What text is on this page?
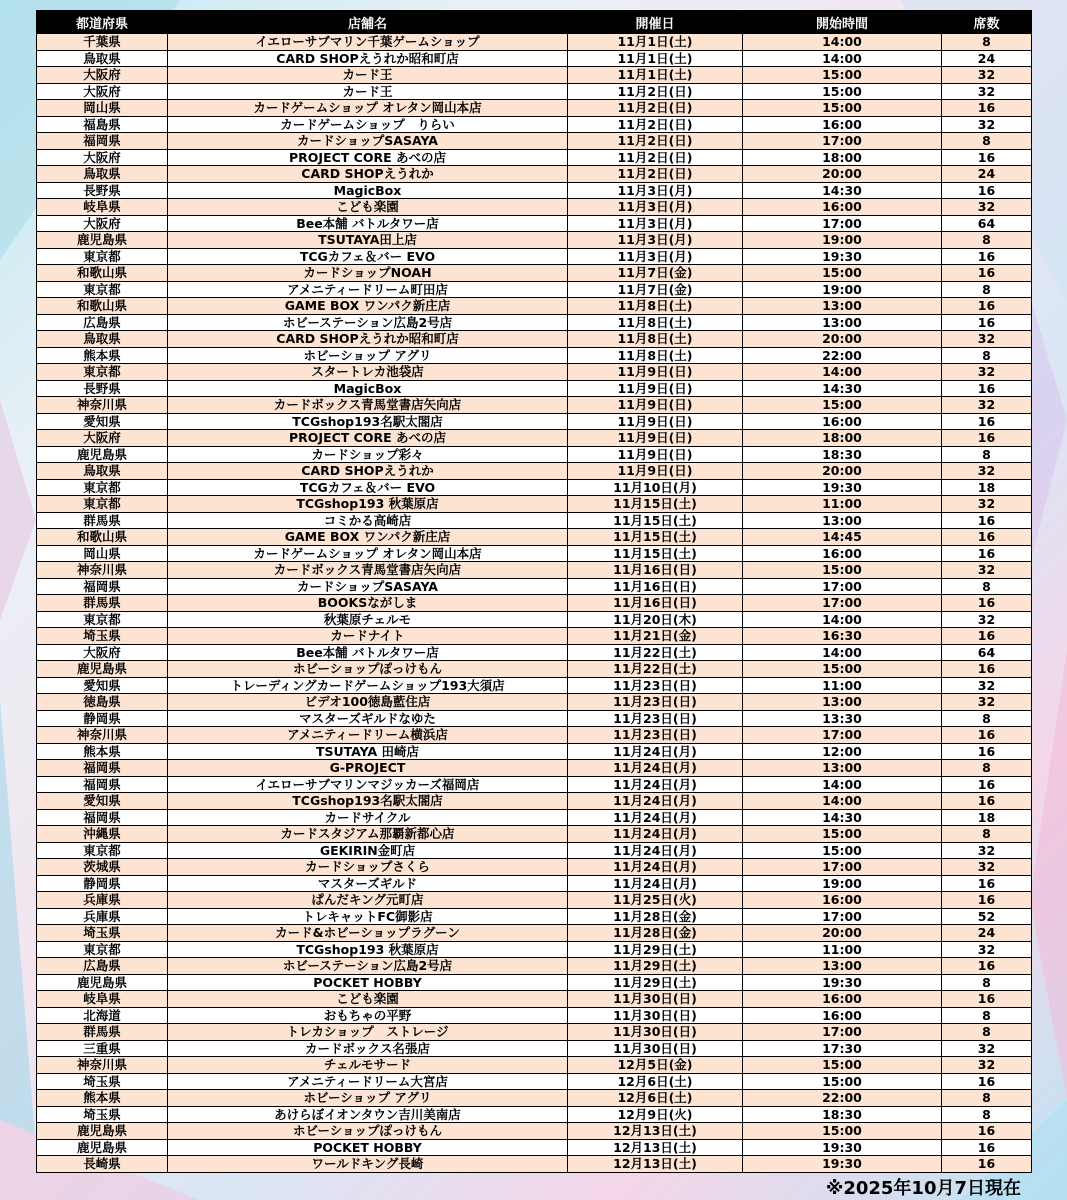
都道府県	店舗名	開催日	開始時間	席数
千葉県	イエローサブマリン千葉ゲームショップ	11月1日(土)	14:00	8
鳥取県	CARD SHOPえうれか昭和町店	11月1日(土)	14:00	24
大阪府	カード王	11月1日(土)	15:00	32
大阪府	カード王	11月2日(日)	15:00	32
岡山県	カードゲームショップ オレタン岡山本店	11月2日(日)	15:00	16
福島県	カードゲームショップ　りらい	11月2日(日)	16:00	32
福岡県	カードショップSASAYA	11月2日(日)	17:00	8
大阪府	PROJECT CORE あべの店	11月2日(日)	18:00	16
鳥取県	CARD SHOPえうれか	11月2日(日)	20:00	24
長野県	MagicBox	11月3日(月)	14:30	16
岐阜県	こども楽園	11月3日(月)	16:00	32
大阪府	Bee本舗 バトルタワー店	11月3日(月)	17:00	64
鹿児島県	TSUTAYA田上店	11月3日(月)	19:00	8
東京都	TCGカフェ＆バー EVO	11月3日(月)	19:30	16
和歌山県	カードショップNOAH	11月7日(金)	15:00	16
東京都	アメニティードリーム町田店	11月7日(金)	19:00	8
和歌山県	GAME BOX ワンパク新庄店	11月8日(土)	13:00	16
広島県	ホビーステーション広島2号店	11月8日(土)	13:00	16
鳥取県	CARD SHOPえうれか昭和町店	11月8日(土)	20:00	32
熊本県	ホビーショップ アグリ	11月8日(土)	22:00	8
東京都	スタートレカ池袋店	11月9日(日)	14:00	32
長野県	MagicBox	11月9日(日)	14:30	16
神奈川県	カードボックス青馬堂書店矢向店	11月9日(日)	15:00	32
愛知県	TCGshop193名駅太閤店	11月9日(日)	16:00	16
大阪府	PROJECT CORE あべの店	11月9日(日)	18:00	16
鹿児島県	カードショップ彩々	11月9日(日)	18:30	8
鳥取県	CARD SHOPえうれか	11月9日(日)	20:00	32
東京都	TCGカフェ＆バー EVO	11月10日(月)	19:30	18
東京都	TCGshop193 秋葉原店	11月15日(土)	11:00	32
群馬県	コミかる高崎店	11月15日(土)	13:00	16
和歌山県	GAME BOX ワンパク新庄店	11月15日(土)	14:45	16
岡山県	カードゲームショップ オレタン岡山本店	11月15日(土)	16:00	16
神奈川県	カードボックス青馬堂書店矢向店	11月16日(日)	15:00	32
福岡県	カードショップSASAYA	11月16日(日)	17:00	8
群馬県	BOOKSながしま	11月16日(日)	17:00	16
東京都	秋葉原チェルモ	11月20日(木)	14:00	32
埼玉県	カードナイト	11月21日(金)	16:30	16
大阪府	Bee本舗 バトルタワー店	11月22日(土)	14:00	64
鹿児島県	ホビーショップぽっけもん	11月22日(土)	15:00	16
愛知県	トレーディングカードゲームショップ193大須店	11月23日(日)	11:00	32
徳島県	ビデオ100徳島藍住店	11月23日(日)	13:00	32
静岡県	マスターズギルドなゆた	11月23日(日)	13:30	8
神奈川県	アメニティードリーム横浜店	11月23日(日)	17:00	16
熊本県	TSUTAYA 田崎店	11月24日(月)	12:00	16
福岡県	G-PROJECT	11月24日(月)	13:00	8
福岡県	イエローサブマリンマジッカーズ福岡店	11月24日(月)	14:00	16
愛知県	TCGshop193名駅太閤店	11月24日(月)	14:00	16
福岡県	カードサイクル	11月24日(月)	14:30	18
沖縄県	カードスタジアム那覇新都心店	11月24日(月)	15:00	8
東京都	GEKIRIN金町店	11月24日(月)	15:00	32
茨城県	カードショップさくら	11月24日(月)	17:00	32
静岡県	マスターズギルド	11月24日(月)	19:00	16
兵庫県	ぱんだキング元町店	11月25日(火)	16:00	16
兵庫県	トレキャットFC御影店	11月28日(金)	17:00	52
埼玉県	カード&ホビーショップラグーン	11月28日(金)	20:00	24
東京都	TCGshop193 秋葉原店	11月29日(土)	11:00	32
広島県	ホビーステーション広島2号店	11月29日(土)	13:00	16
鹿児島県	POCKET HOBBY	11月29日(土)	19:30	8
岐阜県	こども楽園	11月30日(日)	16:00	16
北海道	おもちゃの平野	11月30日(日)	16:00	8
群馬県	トレカショップ　ストレージ	11月30日(日)	17:00	8
三重県	カードボックス名張店	11月30日(日)	17:30	32
神奈川県	チェルモサード	12月5日(金)	15:00	32
埼玉県	アメニティードリーム大宮店	12月6日(土)	15:00	16
熊本県	ホビーショップ アグリ	12月6日(土)	22:00	8
埼玉県	あけらぼイオンタウン吉川美南店	12月9日(火)	18:30	8
鹿児島県	ホビーショップぽっけもん	12月13日(土)	15:00	16
鹿児島県	POCKET HOBBY	12月13日(土)	19:30	16
長崎県	ワールドキング長崎	12月13日(土)	19:30	16
※2025年10月7日現在
